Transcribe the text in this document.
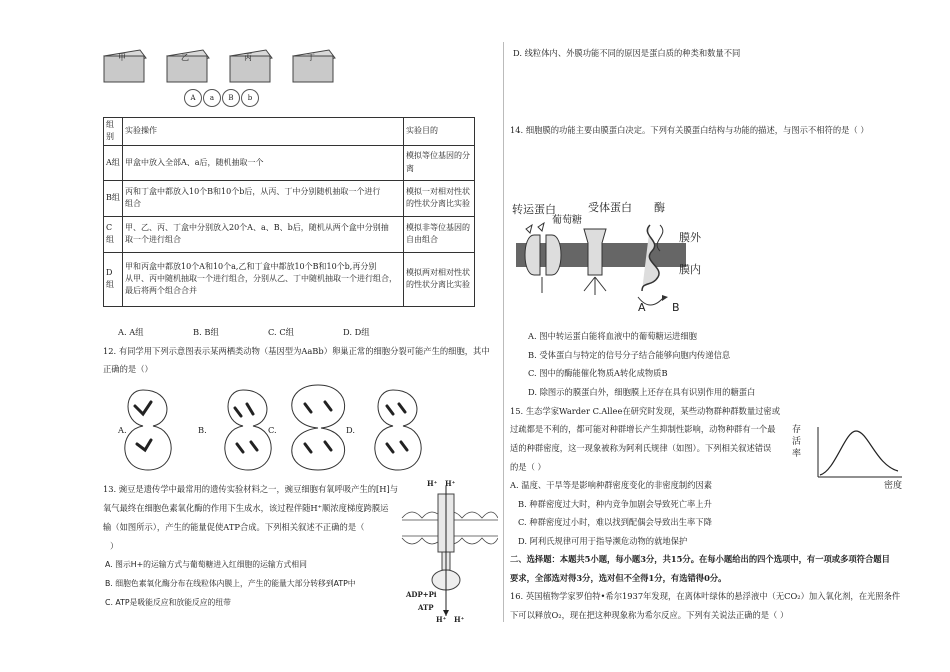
甲	乙	丙	丁
A	a	B	b
组别	实验操作	实验目的
A组	甲盒中放入全部A、a后，随机抽取一个	模拟等位基因的分
离
B组	丙和丁盒中都放入10个B和10个b后，从丙、丁中分别随机抽取一个进行
组合	模拟一对相对性状
的性状分离比实验
C组	甲、乙、丙、丁盒中分别放入20个A、a、B、b后，随机从两个盒中分别抽
取一个进行组合	模拟非等位基因的
自由组合
D组	甲和丙盒中都放10个A和10个a,乙和丁盒中都放10个B和10个b,再分别
从甲、丙中随机抽取一个进行组合，分别从乙、丁中随机抽取一个进行组合，
最后将两个组合合并	模拟两对相对性状
的性状分离比实验
A. A组	B. B组	C. C组	D. D组
12. 有同学用下列示意图表示某两栖类动物（基因型为AaBb）卵巢正常的细胞分裂可能产生的细胞，其中
正确的是（）
A.	B.	C.	D.
13. 豌豆是遗传学中最常用的遗传实验材料之一，豌豆细胞有氧呼吸产生的[H]与
氧气最终在细胞色素氧化酶的作用下生成水，该过程伴随H⁺顺浓度梯度跨膜运
输（如图所示），产生的能量促使ATP合成。下列相关叙述不正确的是（
）
A. 图示H+的运输方式与葡萄糖进入红细胞的运输方式相同
B. 细胞色素氧化酶分布在线粒体内膜上，产生的能量大部分转移到ATP中
C. ATP是吸能反应和放能反应的纽带
H⁺ H⁺
ADP+Pi
ATP
H⁺ H⁺
D. 线粒体内、外膜功能不同的原因是蛋白质的种类和数量不同
14. 细胞膜的功能主要由膜蛋白决定。下列有关膜蛋白结构与功能的描述，与图示不相符的是（ ）
转运蛋白
葡萄糖
受体蛋白 酶
膜外
膜内
A B
A. 图中转运蛋白能将血液中的葡萄糖运进细胞
B. 受体蛋白与特定的信号分子结合能够向胞内传递信息
C. 图中的酶能催化物质A转化成物质B
D. 除图示的膜蛋白外，细胞膜上还存在具有识别作用的糖蛋白
15. 生态学家Warder C.Allee在研究时发现，某些动物群种群数量过密或
过疏都是不利的，都可能对种群增长产生抑制性影响，动物种群有一个最
适的种群密度，这一现象被称为阿利氏规律（如图）。下列相关叙述错误
的是（ ）
存
活
率
密度
A. 温度、干旱等是影响种群密度变化的非密度制约因素
B. 种群密度过大时，种内竞争加剧会导致死亡率上升
C. 种群密度过小时，难以找到配偶会导致出生率下降
D. 阿利氏规律可用于指导濒危动物的就地保护
二、选择题：本题共5小题，每小题3分，共15分。在每小题给出的四个选项中，有一项或多项符合题目
要求，全部选对得3分，选对但不全得1分，有选错得0分。
16. 英国植物学家罗伯特•希尔1937年发现，在离体叶绿体的悬浮液中（无CO₂）加入氧化剂，在光照条件
下可以释放O₂，现在把这种现象称为希尔反应。下列有关说法正确的是（ ）
